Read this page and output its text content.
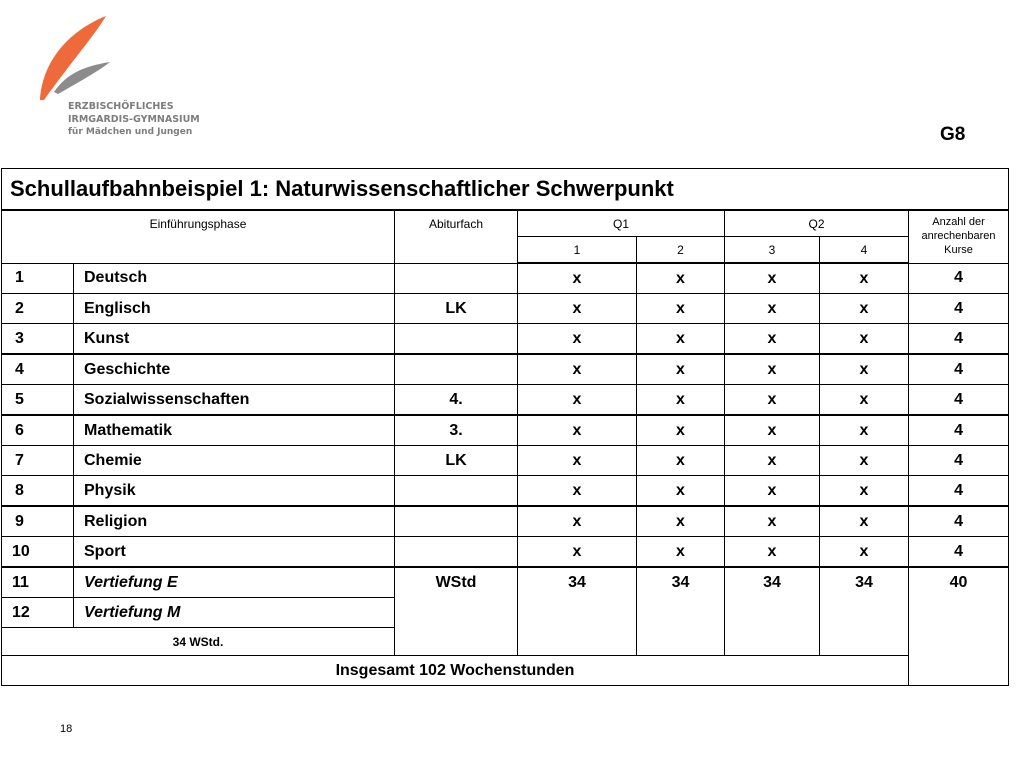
ERZBISCHÖFLICHES
IRMGARDIS-GYMNASIUM
für Mädchen und Jungen	G8
Schullaufbahnbeispiel 1: Naturwissenschaftlicher Schwerpunkt							
Einführungsphase		Abiturfach	Q1		Q2		Anzahl der anrechenbaren Kurse
			1	2	3	4	
1	Deutsch		x	x	x	x	4
2	Englisch	LK	x	x	x	x	4
3	Kunst		x	x	x	x	4
4	Geschichte		x	x	x	x	4
5	Sozialwissenschaften	4.	x	x	x	x	4
6	Mathematik	3.	x	x	x	x	4
7	Chemie	LK	x	x	x	x	4
8	Physik		x	x	x	x	4
9	Religion		x	x	x	x	4
10	Sport		x	x	x	x	4
11	Vertiefung E	WStd	34	34	34	34	40
12	Vertiefung M						
34 WStd.							
Insgesamt 102 Wochenstunden							
18
